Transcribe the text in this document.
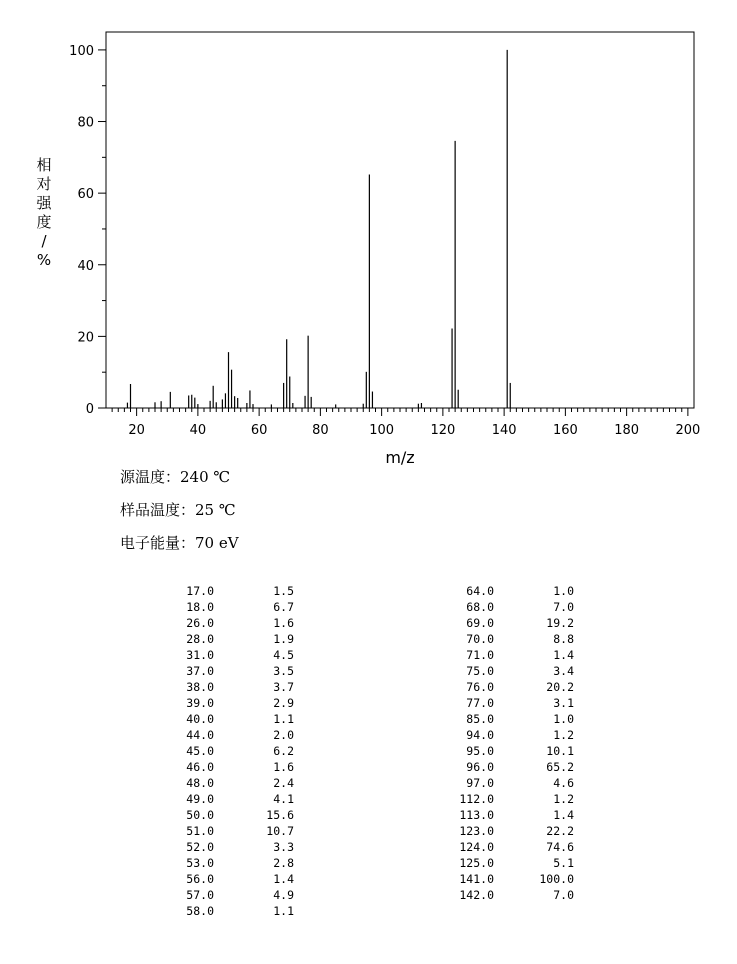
20	40	60	80	100	120	140	160	180	200
0
20
40
60
80
100
m/z
相对强度/ %
源温度：240 ℃
样品温度：25 ℃
电子能量：70 eV
17.0	1.5
18.0	6.7
26.0	1.6
28.0	1.9
31.0	4.5
37.0	3.5
38.0	3.7
39.0	2.9
40.0	1.1
44.0	2.0
45.0	6.2
46.0	1.6
48.0	2.4
49.0	4.1
50.0	15.6
51.0	10.7
52.0	3.3
53.0	2.8
56.0	1.4
57.0	4.9
58.0	1.1
64.0	1.0
68.0	7.0
69.0	19.2
70.0	8.8
71.0	1.4
75.0	3.4
76.0	20.2
77.0	3.1
85.0	1.0
94.0	1.2
95.0	10.1
96.0	65.2
97.0	4.6
112.0	1.2
113.0	1.4
123.0	22.2
124.0	74.6
125.0	5.1
141.0	100.0
142.0	7.0
